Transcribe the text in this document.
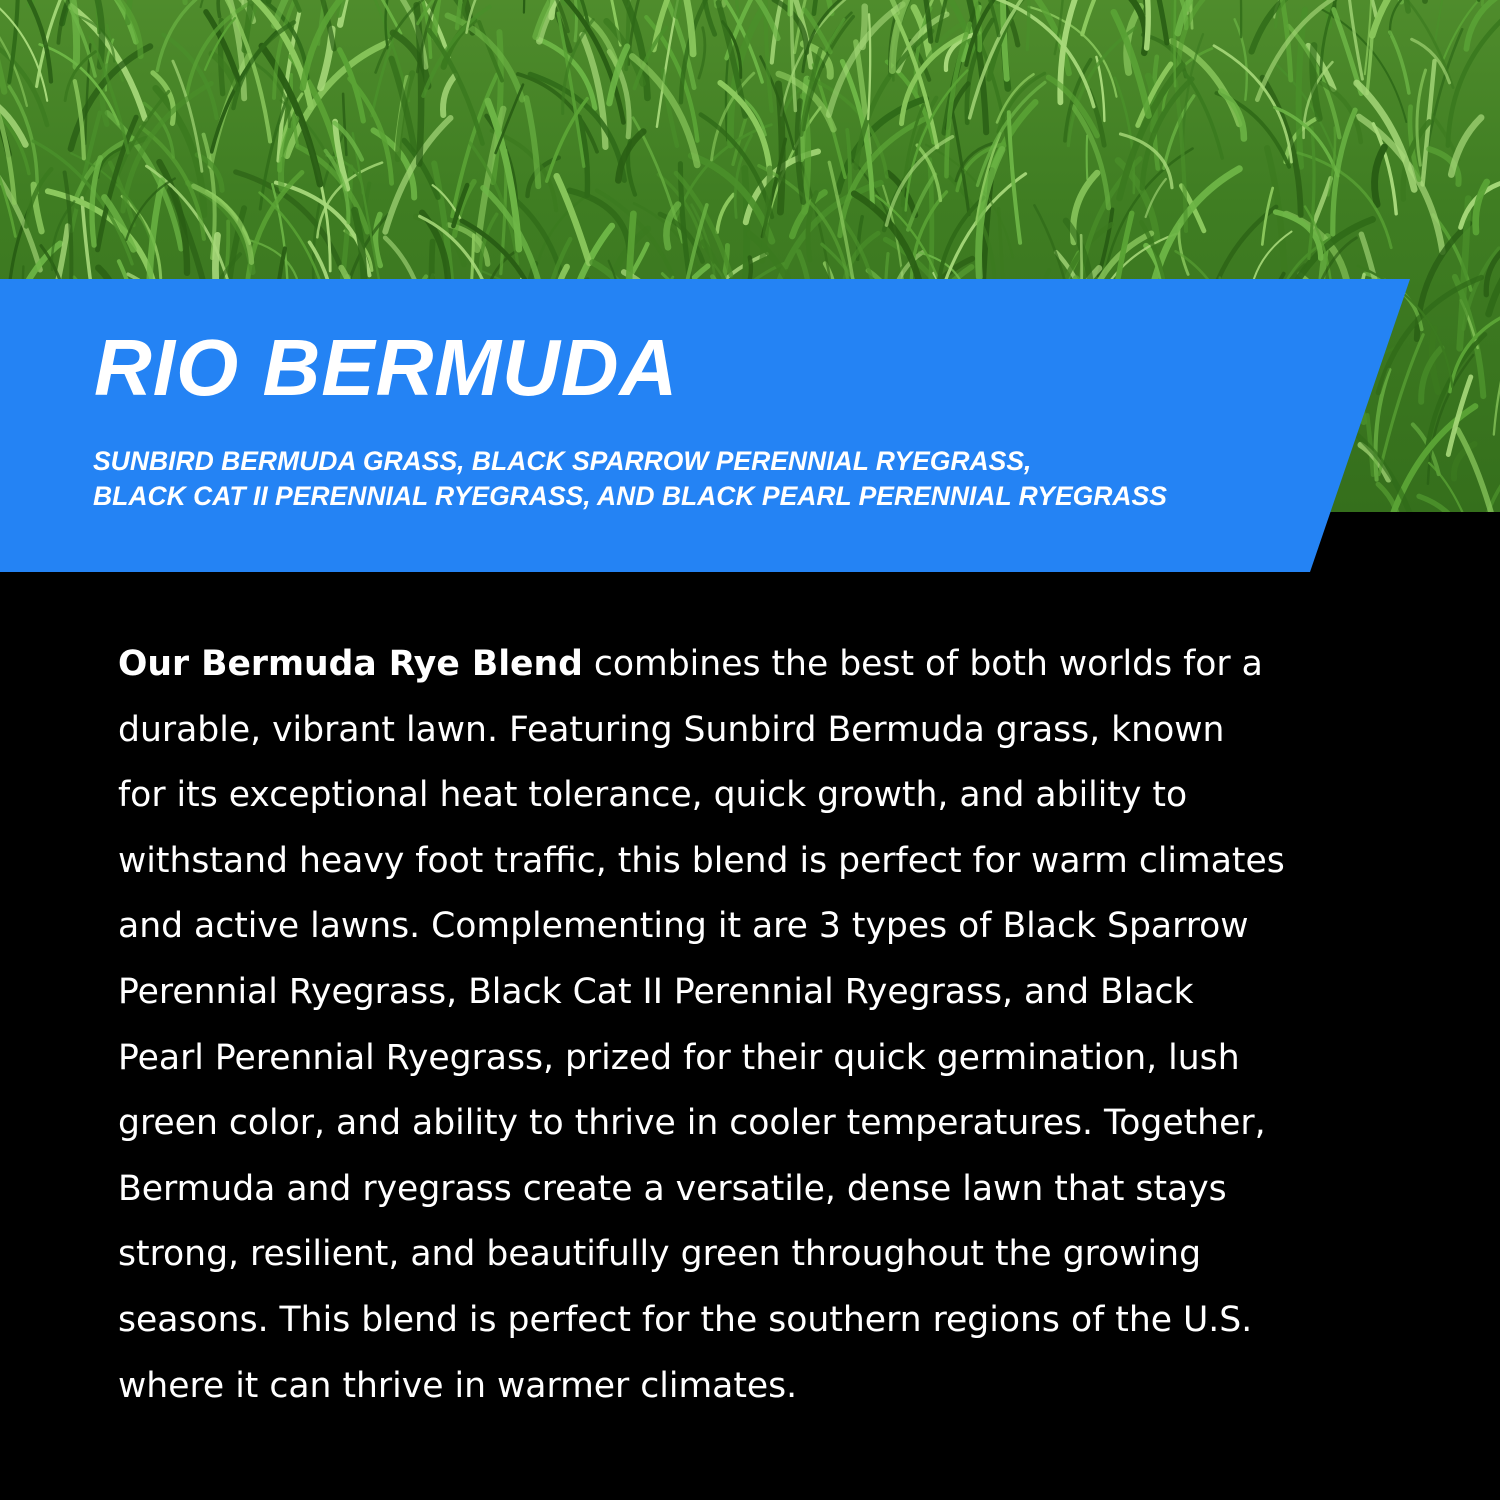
RIO BERMUDA

SUNBIRD BERMUDA GRASS, BLACK SPARROW PERENNIAL RYEGRASS,
BLACK CAT II PERENNIAL RYEGRASS, AND BLACK PEARL PERENNIAL RYEGRASS

Our Bermuda Rye Blend combines the best of both worlds for a
durable, vibrant lawn. Featuring Sunbird Bermuda grass, known
for its exceptional heat tolerance, quick growth, and ability to
withstand heavy foot traffic, this blend is perfect for warm climates
and active lawns. Complementing it are 3 types of Black Sparrow
Perennial Ryegrass, Black Cat II Perennial Ryegrass, and Black
Pearl Perennial Ryegrass, prized for their quick germination, lush
green color, and ability to thrive in cooler temperatures. Together,
Bermuda and ryegrass create a versatile, dense lawn that stays
strong, resilient, and beautifully green throughout the growing
seasons. This blend is perfect for the southern regions of the U.S.
where it can thrive in warmer climates.
